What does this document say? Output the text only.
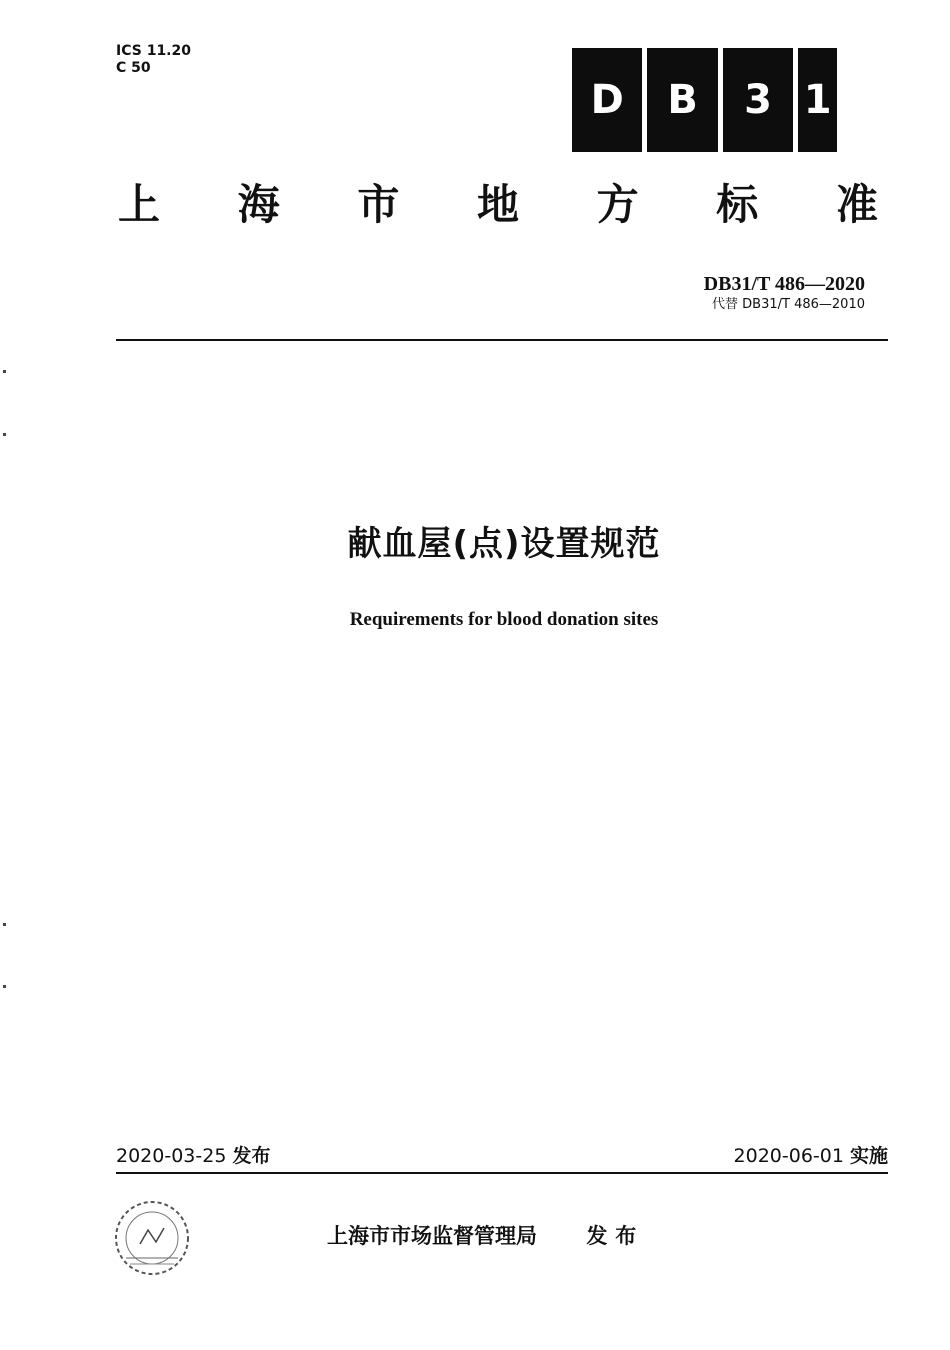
ICS 11.20
C 50
D	B	3 1
上 海 市 地 方 标 准
DB31/T 486—2020
代替 DB31/T 486—2010
献血屋(点)设置规范
Requirements for blood donation sites
2020-03-25 发布	2020-06-01 实施
上海市市场监督管理局 发布
